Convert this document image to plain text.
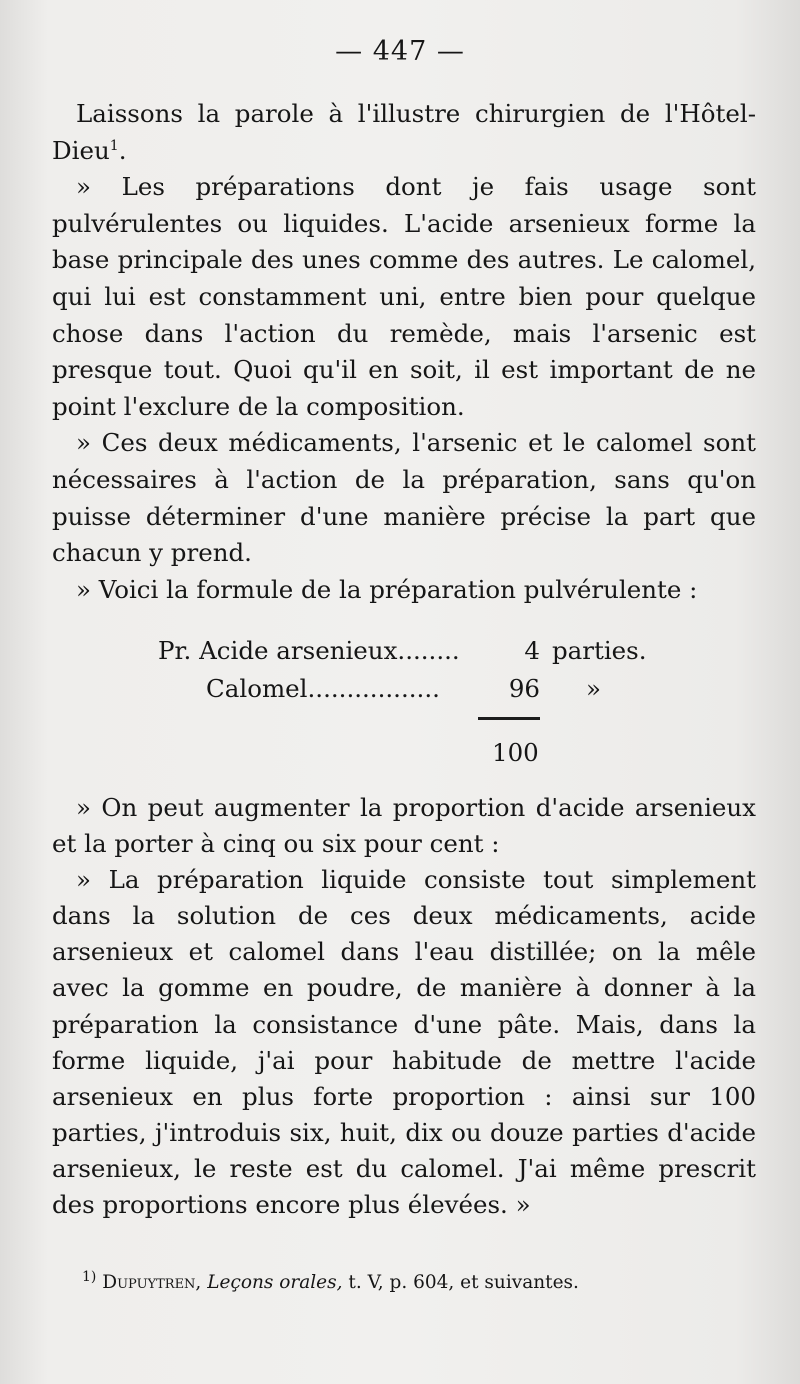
— 447 —

Laissons la parole à l'illustre chirurgien de l'Hôtel-Dieu$^1$.

» Les préparations dont je fais usage sont pulvérulentes ou liquides. L'acide arsenieux forme la base principale des unes comme des autres. Le calomel, qui lui est constamment uni, entre bien pour quelque chose dans l'action du remède, mais l'arsenic est presque tout. Quoi qu'il en soit, il est important de ne point l'exclure de la composition.

» Ces deux médicaments, l'arsenic et le calomel sont nécessaires à l'action de la préparation, sans qu'on puisse déterminer d'une manière précise la part que chacun y prend.

» Voici la formule de la préparation pulvérulente :

Pr. Acide arsenieux........	4 parties.
Calomel.................	96 »
100

» On peut augmenter la proportion d'acide arsenieux et la porter à cinq ou six pour cent :

» La préparation liquide consiste tout simplement dans la solution de ces deux médicaments, acide arsenieux et calomel dans l'eau distillée; on la mêle avec la gomme en poudre, de manière à donner à la préparation la consistance d'une pâte. Mais, dans la forme liquide, j'ai pour habitude de mettre l'acide arsenieux en plus forte proportion : ainsi sur 100 parties, j'introduis six, huit, dix ou douze parties d'acide arsenieux, le reste est du calomel. J'ai même prescrit des proportions encore plus élevées. »

$^{1)}$ Dupuytren, Leçons orales, t. V, p. 604, et suivantes.
